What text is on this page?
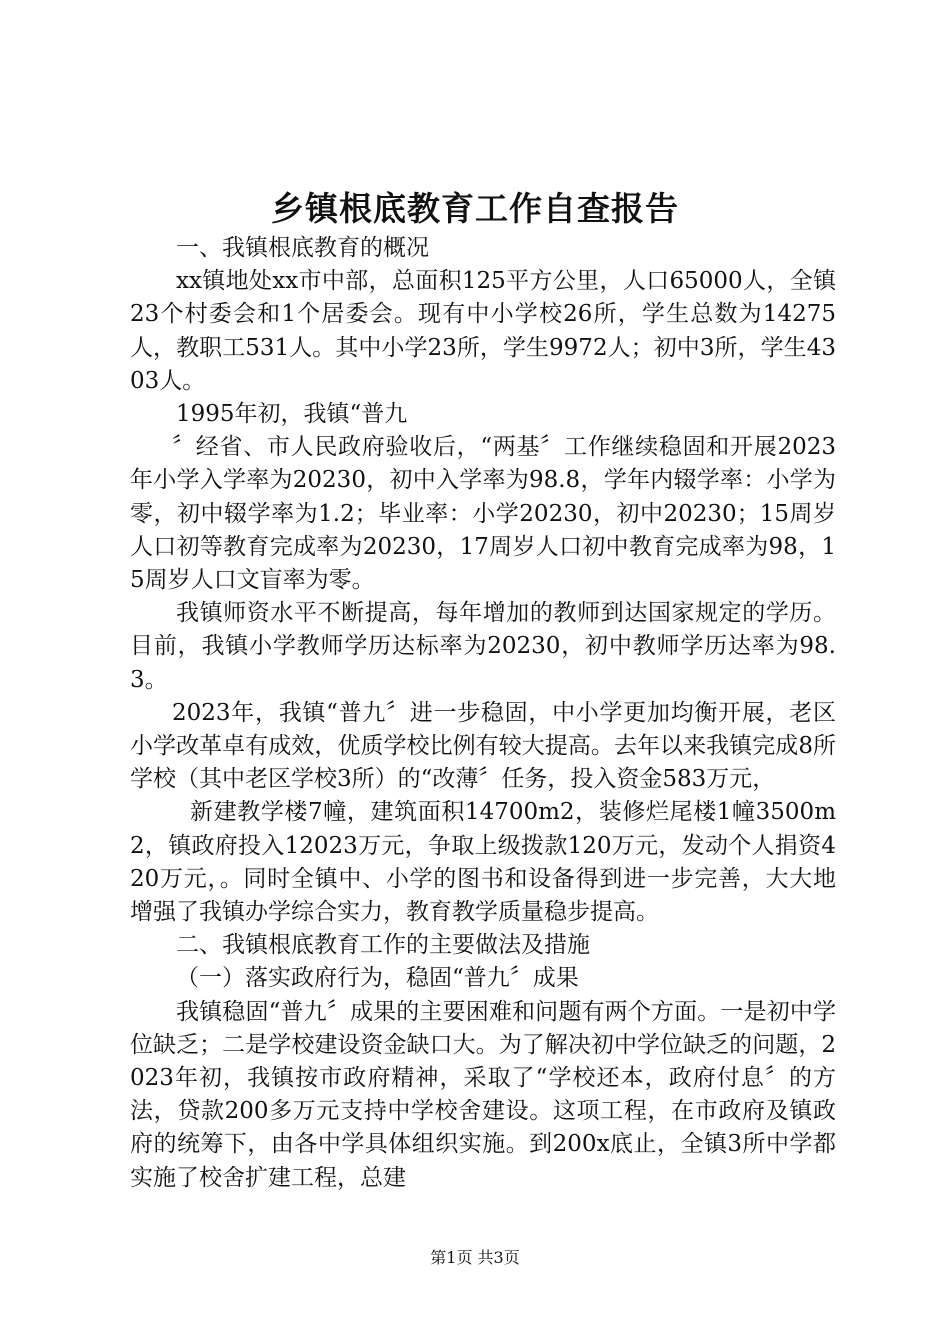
乡镇根底教育工作自查报告

一、我镇根底教育的概况

xx镇地处xx市中部，总面积125平方公里，人口65000人，全镇23个村委会和1个居委会。现有中小学校26所，学生总数为14275人，教职工531人。其中小学23所，学生9972人；初中3所，学生4303人。

1995年初，我镇“普九

〞经省、市人民政府验收后，“两基〞工作继续稳固和开展2023年小学入学率为20230，初中入学率为98.8，学年内辍学率：小学为零，初中辍学率为1.2；毕业率：小学20230，初中20230；15周岁人口初等教育完成率为20230，17周岁人口初中教育完成率为98，15周岁人口文盲率为零。

我镇师资水平不断提高，每年增加的教师到达国家规定的学历。目前，我镇小学教师学历达标率为20230，初中教师学历达率为98.3。

2023年，我镇“普九〞进一步稳固，中小学更加均衡开展，老区小学改革卓有成效，优质学校比例有较大提高。去年以来我镇完成8所学校（其中老区学校3所）的“改薄〞任务，投入资金583万元，

新建教学楼7幢，建筑面积14700m2，装修烂尾楼1幢3500m2，镇政府投入12023万元，争取上级拨款120万元，发动个人捐资420万元，。同时全镇中、小学的图书和设备得到进一步完善，大大地增强了我镇办学综合实力，教育教学质量稳步提高。

二、我镇根底教育工作的主要做法及措施

（一）落实政府行为，稳固“普九〞成果

我镇稳固“普九〞成果的主要困难和问题有两个方面。一是初中学位缺乏；二是学校建设资金缺口大。为了解决初中学位缺乏的问题，2023年初，我镇按市政府精神，采取了“学校还本，政府付息〞的方法，贷款200多万元支持中学校舍建设。这项工程，在市政府及镇政府的统筹下，由各中学具体组织实施。到200x底止，全镇3所中学都实施了校舍扩建工程，总建

第1页 共3页
